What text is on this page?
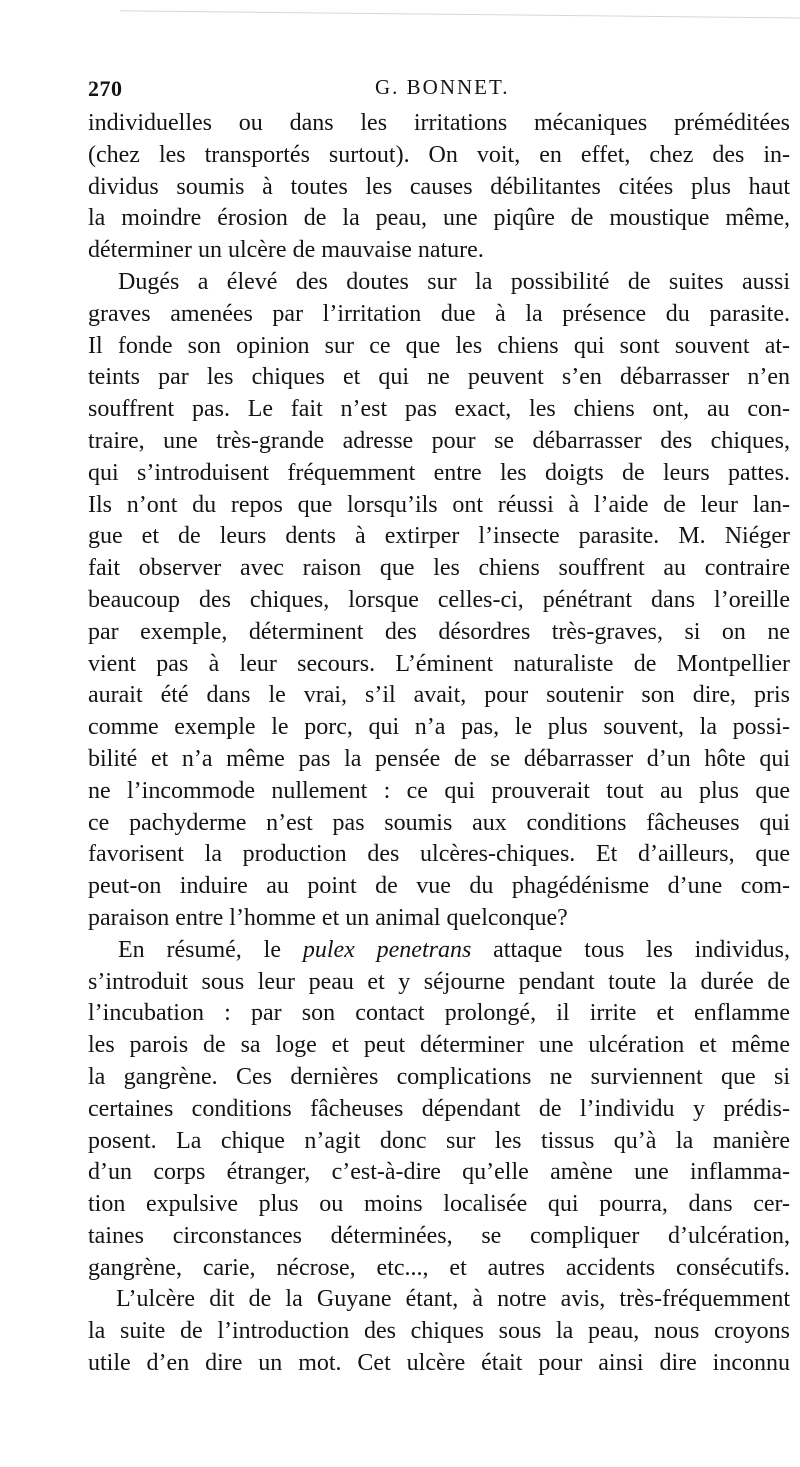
270	G. BONNET.
individuelles ou dans les irritations mécaniques préméditées
(chez les transportés surtout). On voit, en effet, chez des in-
dividus soumis à toutes les causes débilitantes citées plus haut
la moindre érosion de la peau, une piqûre de moustique même,
déterminer un ulcère de mauvaise nature.
Dugés a élevé des doutes sur la possibilité de suites aussi
graves amenées par l’irritation due à la présence du parasite.
Il fonde son opinion sur ce que les chiens qui sont souvent at-
teints par les chiques et qui ne peuvent s’en débarrasser n’en
souffrent pas. Le fait n’est pas exact, les chiens ont, au con-
traire, une très-grande adresse pour se débarrasser des chiques,
qui s’introduisent fréquemment entre les doigts de leurs pattes.
Ils n’ont du repos que lorsqu’ils ont réussi à l’aide de leur lan-
gue et de leurs dents à extirper l’insecte parasite. M. Niéger
fait observer avec raison que les chiens souffrent au contraire
beaucoup des chiques, lorsque celles-ci, pénétrant dans l’oreille
par exemple, déterminent des désordres très-graves, si on ne
vient pas à leur secours. L’éminent naturaliste de Montpellier
aurait été dans le vrai, s’il avait, pour soutenir son dire, pris
comme exemple le porc, qui n’a pas, le plus souvent, la possi-
bilité et n’a même pas la pensée de se débarrasser d’un hôte qui
ne l’incommode nullement : ce qui prouverait tout au plus que
ce pachyderme n’est pas soumis aux conditions fâcheuses qui
favorisent la production des ulcères-chiques. Et d’ailleurs, que
peut-on induire au point de vue du phagédénisme d’une com-
paraison entre l’homme et un animal quelconque?
En résumé, le pulex penetrans attaque tous les individus,
s’introduit sous leur peau et y séjourne pendant toute la durée de
l’incubation : par son contact prolongé, il irrite et enflamme
les parois de sa loge et peut déterminer une ulcération et même
la gangrène. Ces dernières complications ne surviennent que si
certaines conditions fâcheuses dépendant de l’individu y prédis-
posent. La chique n’agit donc sur les tissus qu’à la manière
d’un corps étranger, c’est-à-dire qu’elle amène une inflamma-
tion expulsive plus ou moins localisée qui pourra, dans cer-
taines circonstances déterminées, se compliquer d’ulcération,
gangrène, carie, nécrose, etc..., et autres accidents consécutifs.
L’ulcère dit de la Guyane étant, à notre avis, très-fréquemment
la suite de l’introduction des chiques sous la peau, nous croyons
utile d’en dire un mot. Cet ulcère était pour ainsi dire inconnu
